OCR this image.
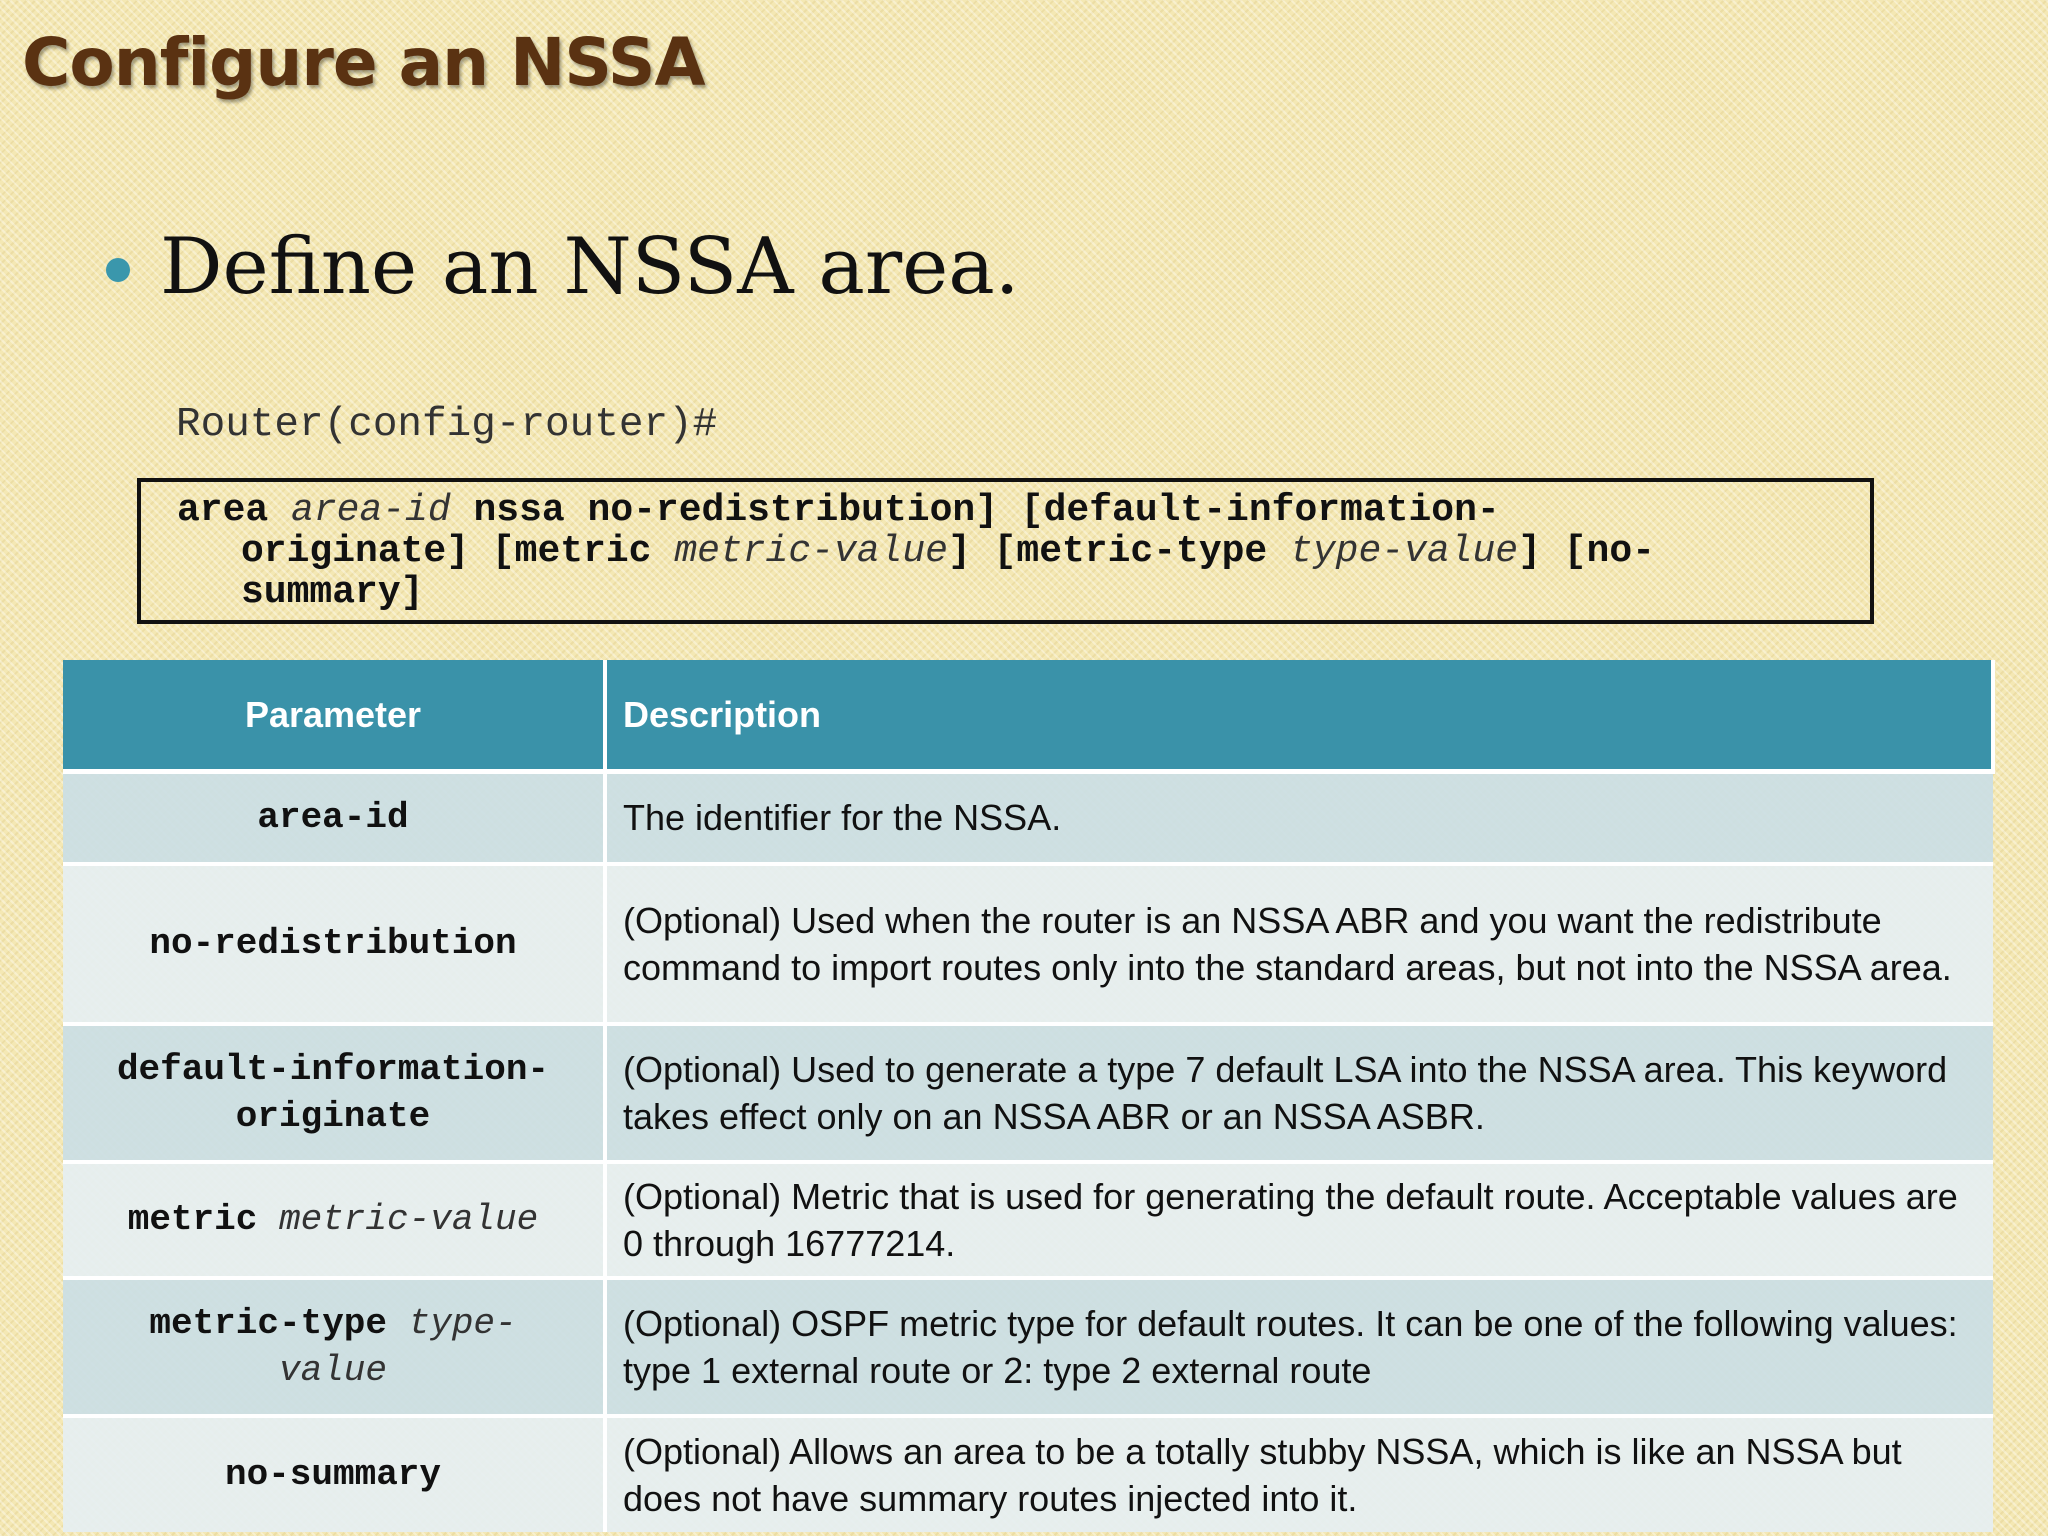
Configure an NSSA
Define an NSSA area.
Router(config-router)#
area area-id nssa no-redistribution] [default-information-
originate] [metric metric-value] [metric-type type-value] [no-
summary]
Parameter	Description
area-id	The identifier for the NSSA.
no-redistribution	(Optional) Used when the router is an NSSA ABR and you want the redistribute command to import routes only into the standard areas, but not into the NSSA area.
default-information-
originate	(Optional) Used to generate a type 7 default LSA into the NSSA area. This keyword takes effect only on an NSSA ABR or an NSSA ASBR.
metric metric-value	(Optional) Metric that is used for generating the default route. Acceptable values are 0 through 16777214.
metric-type type-
value	(Optional) OSPF metric type for default routes. It can be one of the following values: type 1 external route or 2: type 2 external route
no-summary	(Optional) Allows an area to be a totally stubby NSSA, which is like an NSSA but does not have summary routes injected into it.
